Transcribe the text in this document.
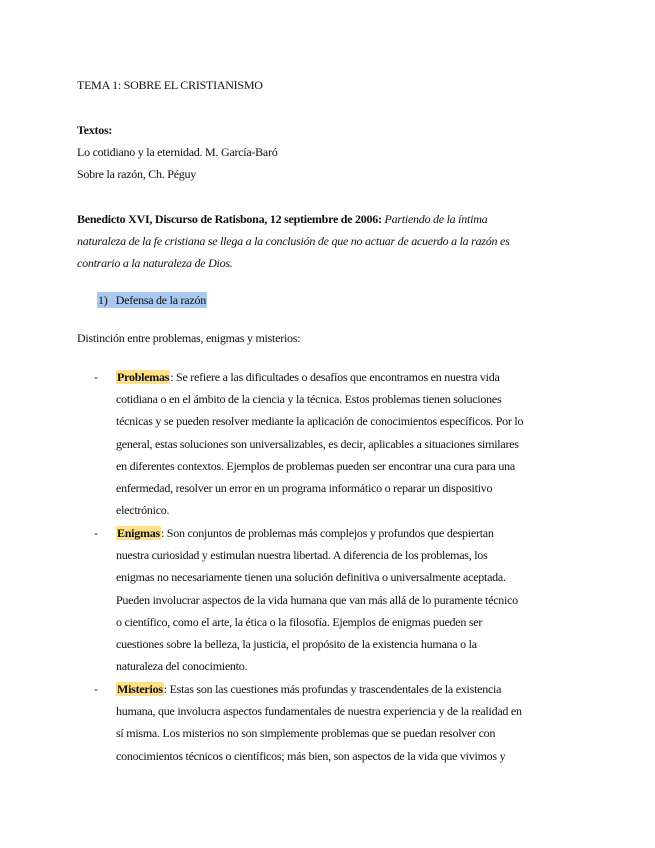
TEMA 1: SOBRE EL CRISTIANISMO
Textos:
Lo cotidiano y la eternidad. M. García-Baró
Sobre la razón, Ch. Péguy
Benedicto XVI, Discurso de Ratisbona, 12 septiembre de 2006: Partiendo de la íntima
naturaleza de la fe cristiana se llega a la conclusión de que no actuar de acuerdo a la razón es
contrario a la naturaleza de Dios.
1) Defensa de la razón
Distinción entre problemas, enigmas y misterios:
- Problemas: Se refiere a las dificultades o desafíos que encontramos en nuestra vida
cotidiana o en el ámbito de la ciencia y la técnica. Estos problemas tienen soluciones
técnicas y se pueden resolver mediante la aplicación de conocimientos específicos. Por lo
general, estas soluciones son universalizables, es decir, aplicables a situaciones similares
en diferentes contextos. Ejemplos de problemas pueden ser encontrar una cura para una
enfermedad, resolver un error en un programa informático o reparar un dispositivo
electrónico.
- Enigmas: Son conjuntos de problemas más complejos y profundos que despiertan
nuestra curiosidad y estimulan nuestra libertad. A diferencia de los problemas, los
enigmas no necesariamente tienen una solución definitiva o universalmente aceptada.
Pueden involucrar aspectos de la vida humana que van más allá de lo puramente técnico
o científico, como el arte, la ética o la filosofía. Ejemplos de enigmas pueden ser
cuestiones sobre la belleza, la justicia, el propósito de la existencia humana o la
naturaleza del conocimiento.
- Misterios: Estas son las cuestiones más profundas y trascendentales de la existencia
humana, que involucra aspectos fundamentales de nuestra experiencia y de la realidad en
sí misma. Los misterios no son simplemente problemas que se puedan resolver con
conocimientos técnicos o científicos; más bien, son aspectos de la vida que vivimos y
